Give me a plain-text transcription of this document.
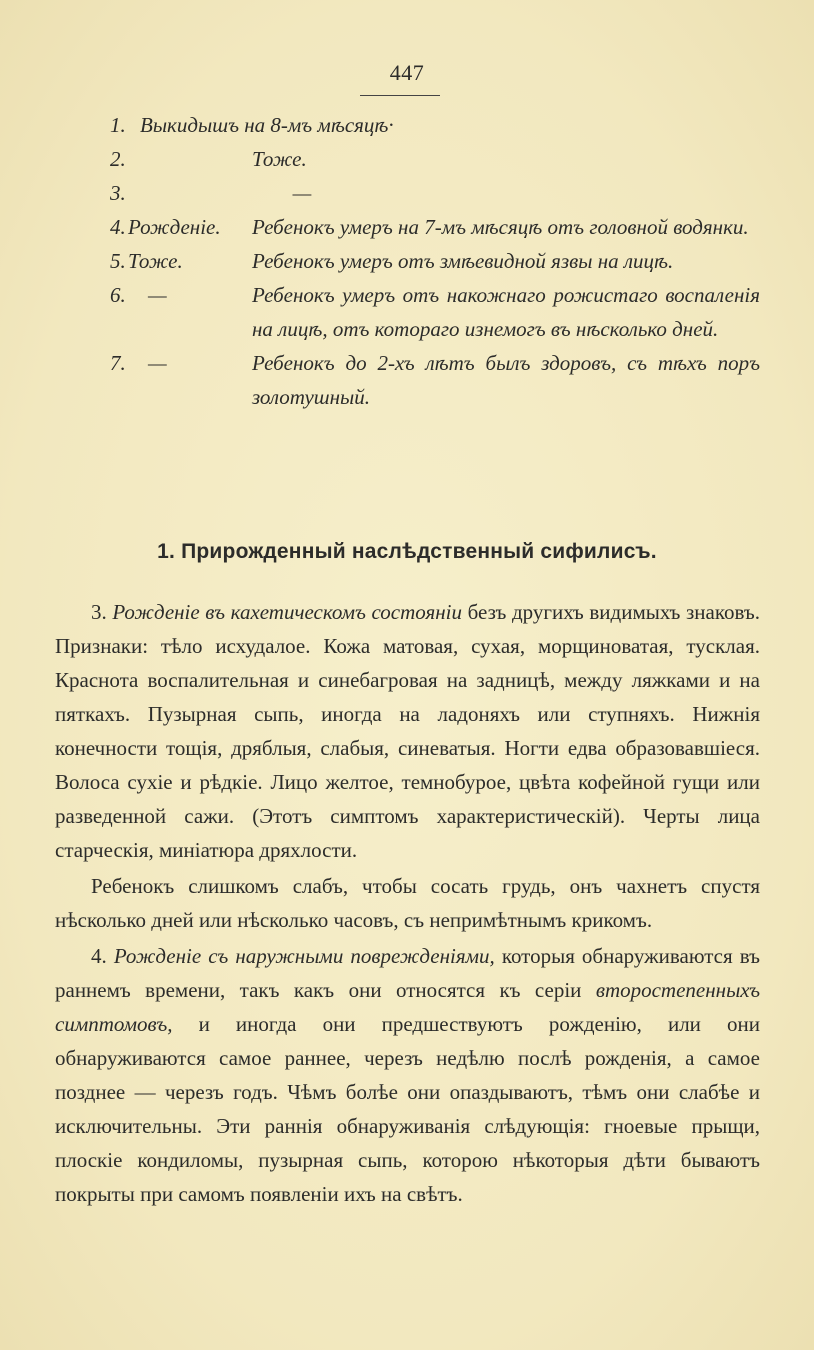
447
1. Выкидышъ на 8-мъ мѣсяцѣ·
2.	Тоже.
3.	—
4. Рожденіе.	Ребенокъ умеръ на 7-мъ мѣсяцѣ отъ головной водянки.
5. Тоже.	Ребенокъ умеръ отъ змѣевидной язвы на лицѣ.
6.	—	Ребенокъ умеръ отъ накожнаго рожистаго воспаленія на лицѣ, отъ котораго изнемогъ въ нѣсколько дней.
7.	—	Ребенокъ до 2-хъ лѣтъ былъ здоровъ, съ тѣхъ поръ золотушный.
1. Прирожденный наслѣдственный сифилисъ.

3. Рожденіе въ кахетическомъ состояніи безъ другихъ видимыхъ знаковъ. Признаки: тѣло исхудалое. Кожа матовая, сухая, морщиноватая, тусклая. Краснота воспалительная и синебагровая на задницѣ, между ляжками и на пяткахъ. Пузырная сыпь, иногда на ладоняхъ или ступняхъ. Нижнія конечности тощія, дряблыя, слабыя, синеватыя. Ногти едва образовавшіеся. Волоса сухіе и рѣдкіе. Лицо желтое, темнобурое, цвѣта кофейной гущи или разведенной сажи. (Этотъ симптомъ характеристическій). Черты лица старческія, миніатюра дряхлости.

Ребенокъ слишкомъ слабъ, чтобы сосать грудь, онъ чахнетъ спустя нѣсколько дней или нѣсколько часовъ, съ непримѣтнымъ крикомъ.

4. Рожденіе съ наружными поврежденіями, которыя обнаруживаются въ раннемъ времени, такъ какъ они относятся къ серіи второстепенныхъ симптомовъ, и иногда они предшествуютъ рожденію, или они обнаруживаются самое раннее, черезъ недѣлю послѣ рожденія, а самое позднее — черезъ годъ. Чѣмъ болѣе они опаздываютъ, тѣмъ они слабѣе и исключительны. Эти раннія обнаруживанія слѣдующія: гноевые прыщи, плоскіе кондиломы, пузырная сыпь, которою нѣкоторыя дѣти бываютъ покрыты при самомъ появленіи ихъ на свѣтъ.
